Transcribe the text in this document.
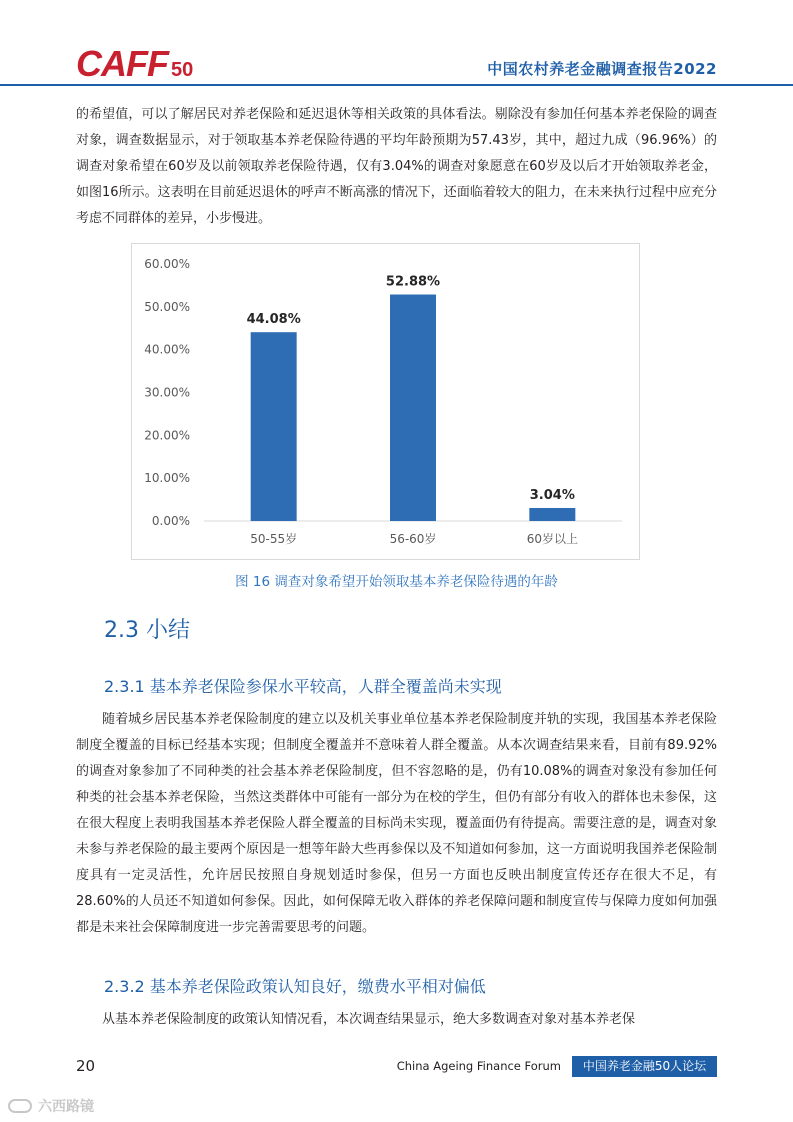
CAFF 50	中国农村养老金融调查报告2022

的希望值，可以了解居民对养老保险和延迟退休等相关政策的具体看法。剔除没有参加任何基本养老保险的调查对象，调查数据显示，对于领取基本养老保险待遇的平均年龄预期为57.43岁，其中，超过九成（96.96%）的调查对象希望在60岁及以前领取养老保险待遇，仅有3.04%的调查对象愿意在60岁及以后才开始领取养老金，如图16所示。这表明在目前延迟退休的呼声不断高涨的情况下，还面临着较大的阻力，在未来执行过程中应充分考虑不同群体的差异，小步慢进。

0.00%
10.00%
20.00%
30.00%
40.00%
50.00%
60.00%
44.08%
50-55岁
52.88%
56-60岁
3.04%
60岁以上
图 16 调查对象希望开始领取基本养老保险待遇的年龄
2.3 小结
2.3.1 基本养老保险参保水平较高，人群全覆盖尚未实现

随着城乡居民基本养老保险制度的建立以及机关事业单位基本养老保险制度并轨的实现，我国基本养老保险制度全覆盖的目标已经基本实现；但制度全覆盖并不意味着人群全覆盖。从本次调查结果来看，目前有89.92%的调查对象参加了不同种类的社会基本养老保险制度，但不容忽略的是，仍有10.08%的调查对象没有参加任何种类的社会基本养老保险，当然这类群体中可能有一部分为在校的学生，但仍有部分有收入的群体也未参保，这在很大程度上表明我国基本养老保险人群全覆盖的目标尚未实现，覆盖面仍有待提高。需要注意的是，调查对象未参与养老保险的最主要两个原因是一想等年龄大些再参保以及不知道如何参加，这一方面说明我国养老保险制度具有一定灵活性，允许居民按照自身规划适时参保，但另一方面也反映出制度宣传还存在很大不足，有28.60%的人员还不知道如何参保。因此，如何保障无收入群体的养老保障问题和制度宣传与保障力度如何加强都是未来社会保障制度进一步完善需要思考的问题。

2.3.2 基本养老保险政策认知良好，缴费水平相对偏低

从基本养老保险制度的政策认知情况看，本次调查结果显示，绝大多数调查对象对基本养老保

20	China Ageing Finance Forum	中国养老金融50人论坛
六西路镜
